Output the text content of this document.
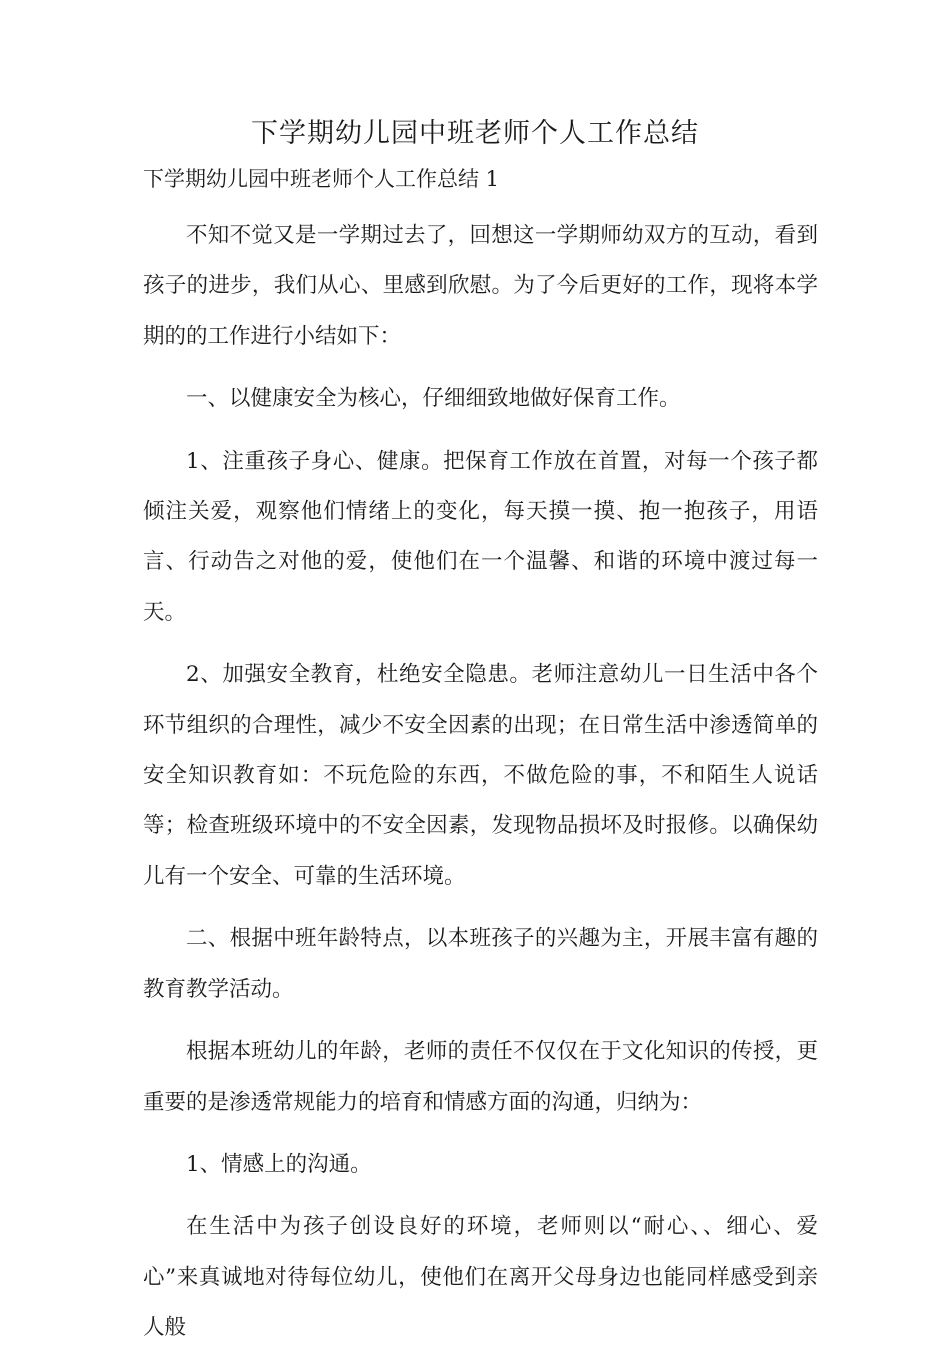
下学期幼儿园中班老师个人工作总结

下学期幼儿园中班老师个人工作总结 1

不知不觉又是一学期过去了，回想这一学期师幼双方的互动，看到孩子的进步，我们从心、里感到欣慰。为了今后更好的工作，现将本学期的的工作进行小结如下：

一、以健康安全为核心，仔细细致地做好保育工作。

1、注重孩子身心、健康。把保育工作放在首置，对每一个孩子都倾注关爱，观察他们情绪上的变化，每天摸一摸、抱一抱孩子，用语言、行动告之对他的爱，使他们在一个温馨、和谐的环境中渡过每一天。

2、加强安全教育，杜绝安全隐患。老师注意幼儿一日生活中各个环节组织的合理性，减少不安全因素的出现；在日常生活中渗透简单的安全知识教育如：不玩危险的东西，不做危险的事，不和陌生人说话等；检查班级环境中的不安全因素，发现物品损坏及时报修。以确保幼儿有一个安全、可靠的生活环境。

二、根据中班年龄特点，以本班孩子的兴趣为主，开展丰富有趣的教育教学活动。

根据本班幼儿的年龄，老师的责任不仅仅在于文化知识的传授，更重要的是渗透常规能力的培育和情感方面的沟通，归纳为：

1、情感上的沟通。

在生活中为孩子创设良好的环境，老师则以“耐心、、细心、爱心”来真诚地对待每位幼儿，使他们在离开父母身边也能同样感受到亲人般
